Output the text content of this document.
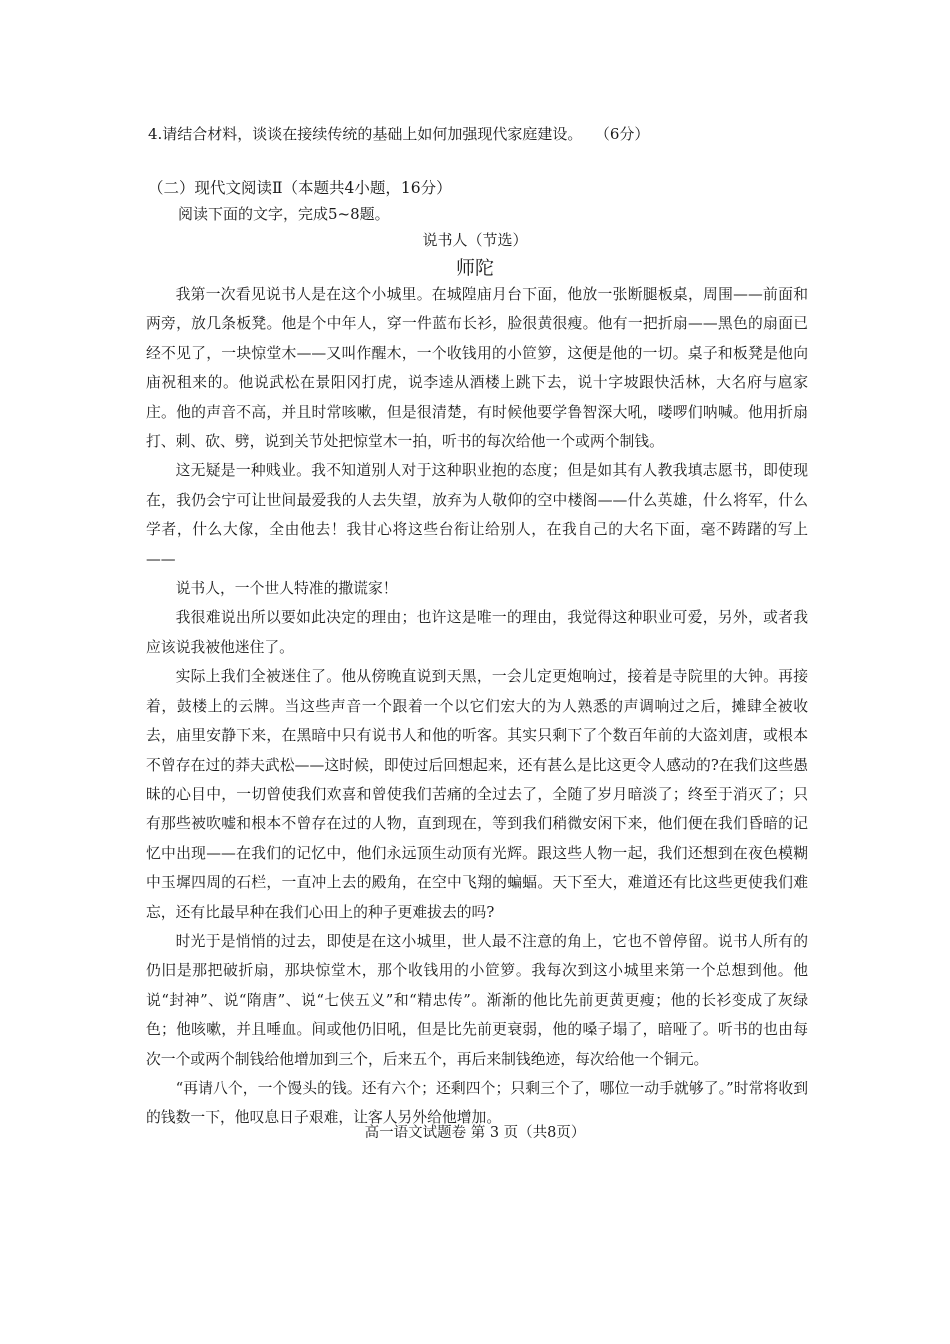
4.请结合材料，谈谈在接续传统的基础上如何加强现代家庭建设。 （6分）
（二）现代文阅读Ⅱ（本题共4小题，16分）
阅读下面的文字，完成5~8题。
说书人（节选）
师陀

我第一次看见说书人是在这个小城里。在城隍庙月台下面，他放一张断腿板桌，周围——前面和两旁，放几条板凳。他是个中年人，穿一件蓝布长衫，脸很黄很瘦。他有一把折扇——黑色的扇面已经不见了，一块惊堂木——又叫作醒木，一个收钱用的小笸箩，这便是他的一切。桌子和板凳是他向庙祝租来的。他说武松在景阳冈打虎，说李逵从酒楼上跳下去，说十字坡跟快活林，大名府与扈家庄。他的声音不高，并且时常咳嗽，但是很清楚，有时候他要学鲁智深大吼，喽啰们呐喊。他用折扇打、刺、砍、劈，说到关节处把惊堂木一拍，听书的每次给他一个或两个制钱。

这无疑是一种贱业。我不知道别人对于这种职业抱的态度；但是如其有人教我填志愿书，即使现在，我仍会宁可让世间最爱我的人去失望，放弃为人敬仰的空中楼阁——什么英雄，什么将军，什么学者，什么大傢，全由他去！我甘心将这些台衔让给别人，在我自己的大名下面，毫不踌躇的写上——

说书人，一个世人特准的撒谎家！

我很难说出所以要如此决定的理由；也许这是唯一的理由，我觉得这种职业可爱，另外，或者我应该说我被他迷住了。

实际上我们全被迷住了。他从傍晚直说到天黑，一会儿定更炮响过，接着是寺院里的大钟。再接着，鼓楼上的云牌。当这些声音一个跟着一个以它们宏大的为人熟悉的声调响过之后，摊肆全被收去，庙里安静下来，在黑暗中只有说书人和他的听客。其实只剩下了个数百年前的大盗刘唐，或根本不曾存在过的莽夫武松——这时候，即使过后回想起来，还有甚么是比这更令人感动的?在我们这些愚昧的心目中，一切曾使我们欢喜和曾使我们苦痛的全过去了，全随了岁月暗淡了；终至于消灭了；只有那些被吹嘘和根本不曾存在过的人物，直到现在，等到我们稍微安闲下来，他们便在我们昏暗的记忆中出现——在我们的记忆中，他们永远顶生动顶有光辉。跟这些人物一起，我们还想到在夜色模糊中玉墀四周的石栏，一直冲上去的殿角，在空中飞翔的蝙蝠。天下至大，难道还有比这些更使我们难忘，还有比最早种在我们心田上的种子更难拔去的吗?

时光于是悄悄的过去，即使是在这小城里，世人最不注意的角上，它也不曾停留。说书人所有的仍旧是那把破折扇，那块惊堂木，那个收钱用的小笸箩。我每次到这小城里来第一个总想到他。他说“封神”、说“隋唐”、说“七侠五义”和“精忠传”。渐渐的他比先前更黄更瘦；他的长衫变成了灰绿色；他咳嗽，并且唾血。间或他仍旧吼，但是比先前更衰弱，他的嗓子塌了，暗哑了。听书的也由每次一个或两个制钱给他增加到三个，后来五个，再后来制钱绝迹，每次给他一个铜元。

“再请八个，一个馒头的钱。还有六个；还剩四个；只剩三个了，哪位一动手就够了。”时常将收到的钱数一下，他叹息日子艰难，让客人另外给他增加。

高一语文试题卷 第 3 页（共8页）
